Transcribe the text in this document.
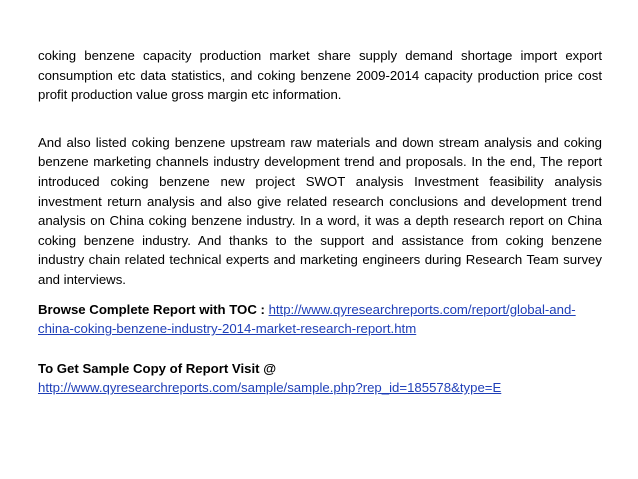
coking benzene capacity production market share supply demand shortage import export consumption etc data statistics, and coking benzene 2009-2014 capacity production price cost profit production value gross margin etc information.

And also listed coking benzene upstream raw materials and down stream analysis and coking benzene marketing channels industry development trend and proposals. In the end, The report introduced coking benzene new project SWOT analysis Investment feasibility analysis investment return analysis and also give related research conclusions and development trend analysis on China coking benzene industry. In a word, it was a depth research report on China coking benzene industry. And thanks to the support and assistance from coking benzene industry chain related technical experts and marketing engineers during Research Team survey and interviews.

Browse Complete Report with TOC : http://www.qyresearchreports.com/report/global-and-china-coking-benzene-industry-2014-market-research-report.htm

To Get Sample Copy of Report Visit @
http://www.qyresearchreports.com/sample/sample.php?rep_id=185578&type=E
